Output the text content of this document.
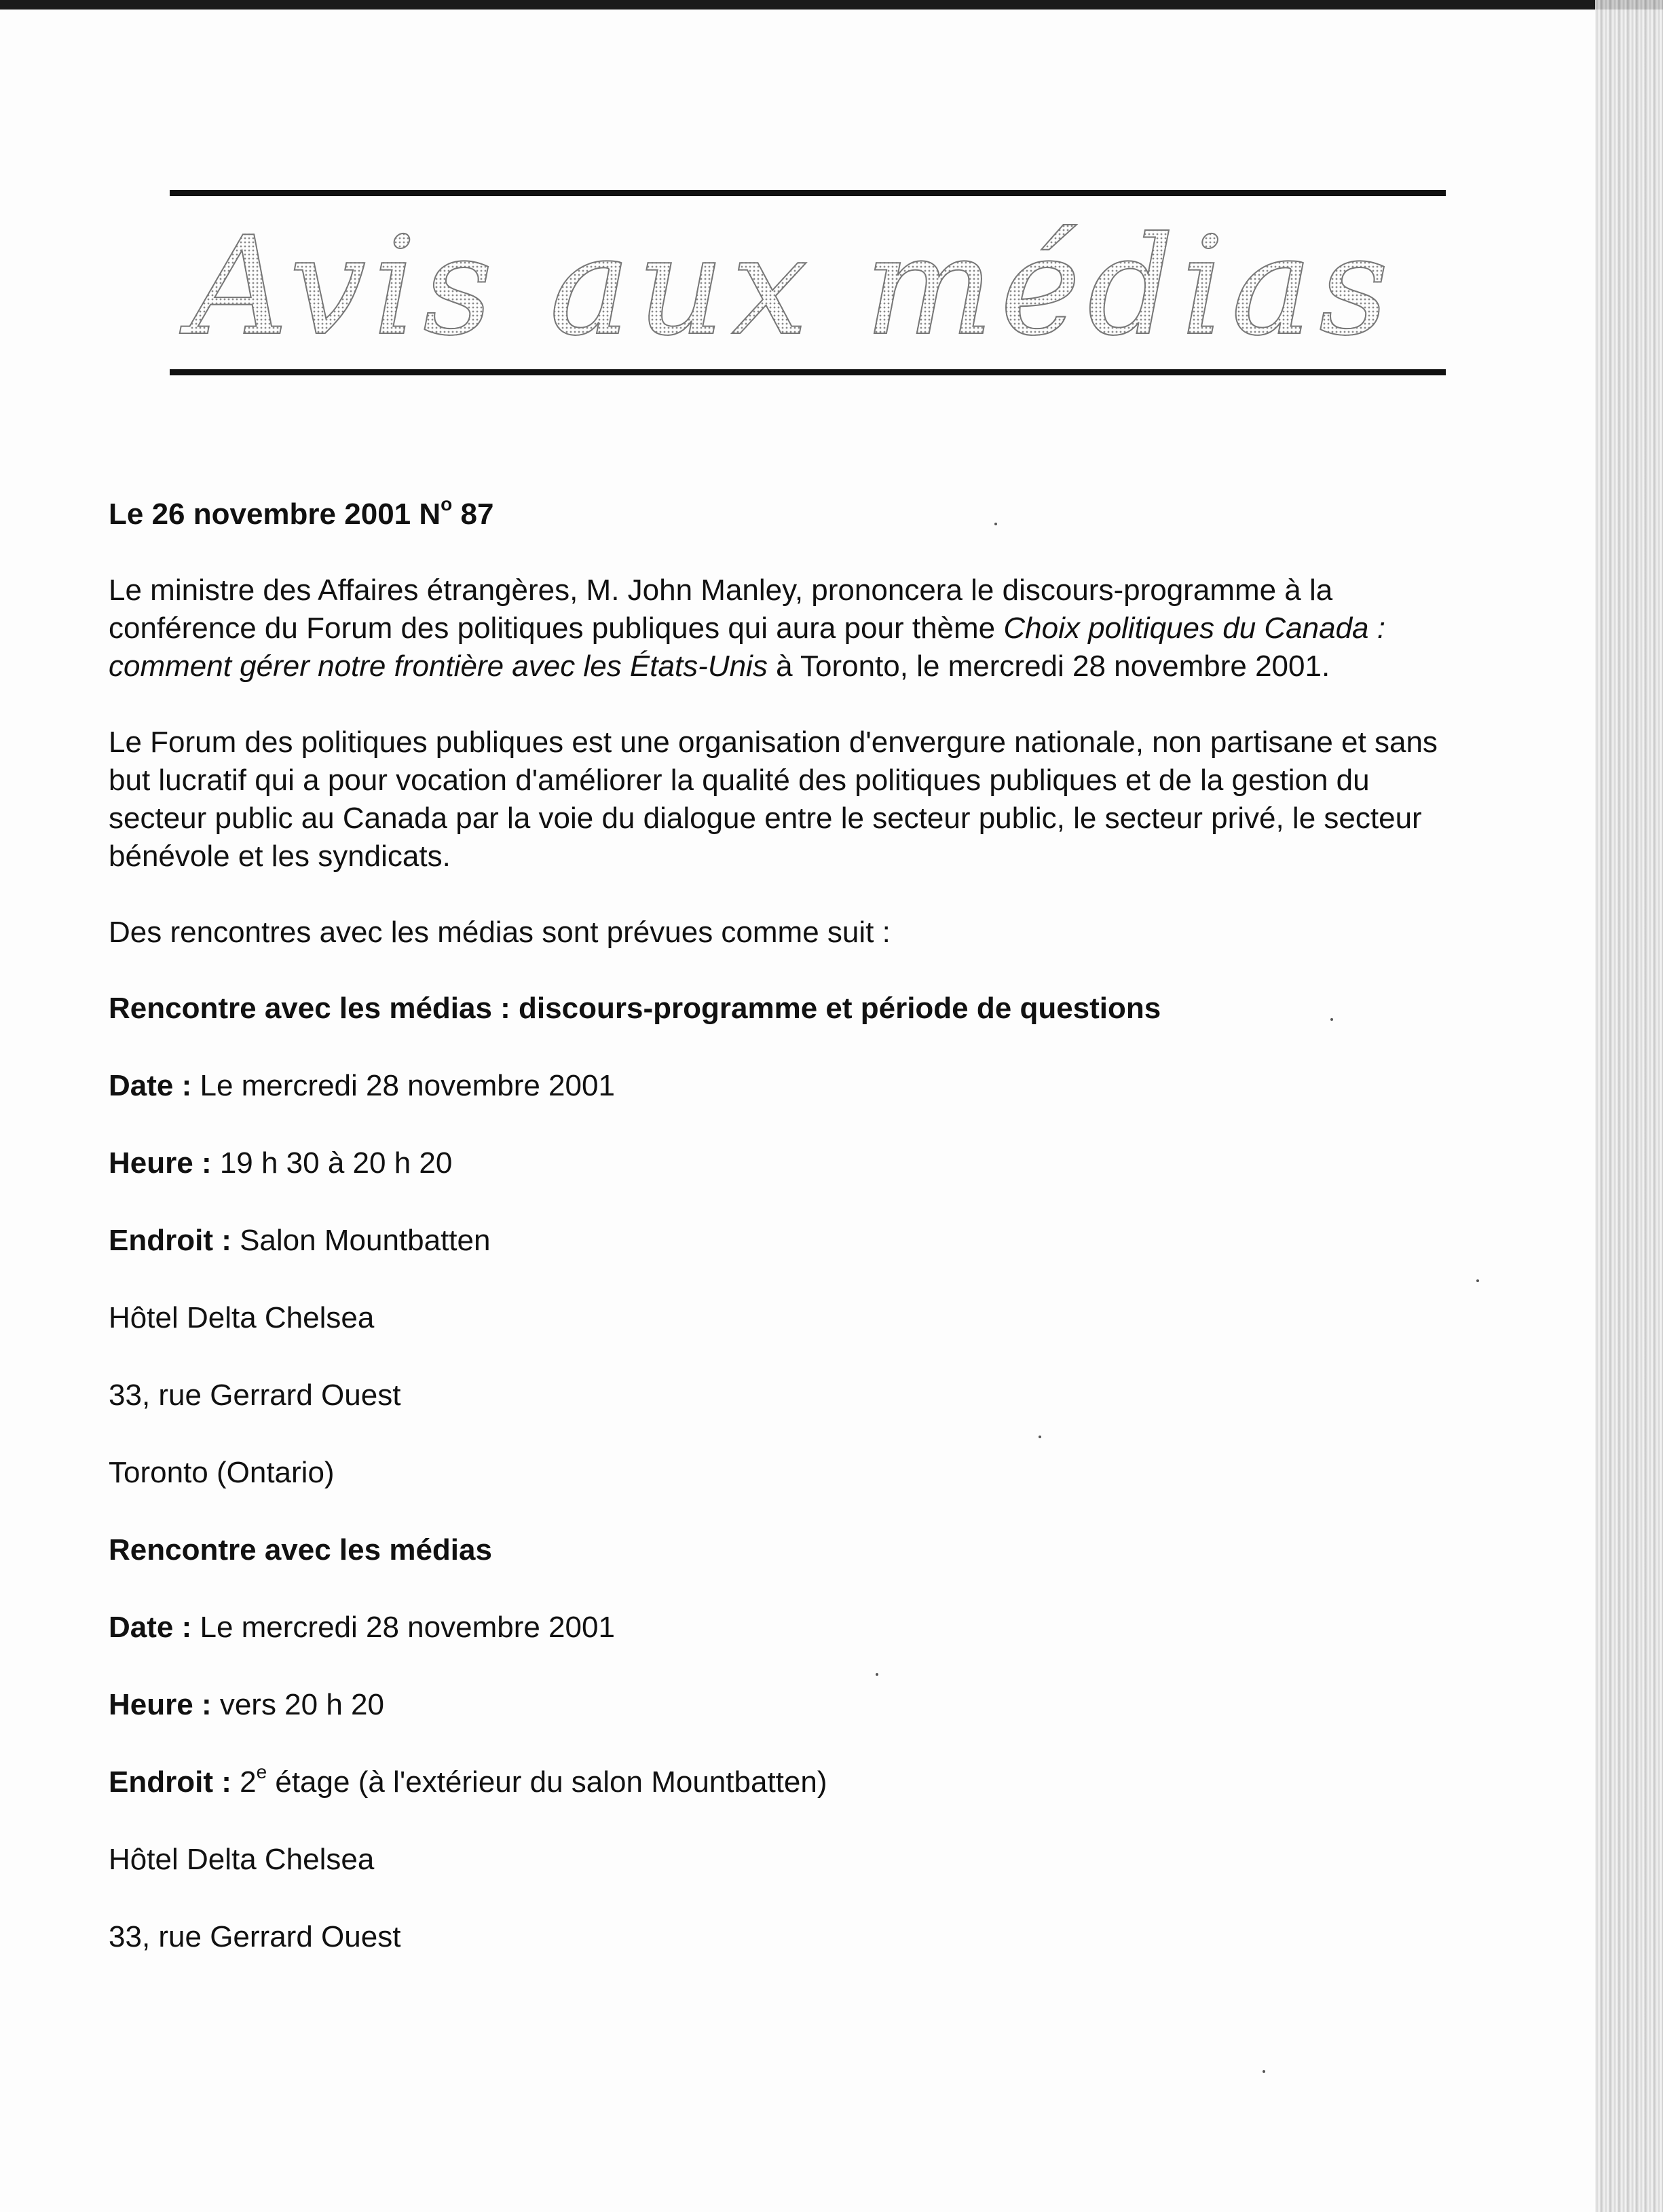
Avis aux médias
Le 26 novembre 2001 $N^o$ 87

Le ministre des Affaires étrangères, M. John Manley, prononcera le discours-programme à la conférence du Forum des politiques publiques qui aura pour thème Choix politiques du Canada : comment gérer notre frontière avec les États-Unis à Toronto, le mercredi 28 novembre 2001.

Le Forum des politiques publiques est une organisation d'envergure nationale, non partisane et sans but lucratif qui a pour vocation d'améliorer la qualité des politiques publiques et de la gestion du secteur public au Canada par la voie du dialogue entre le secteur public, le secteur privé, le secteur bénévole et les syndicats.

Des rencontres avec les médias sont prévues comme suit :

Rencontre avec les médias : discours-programme et période de questions
Date : Le mercredi 28 novembre 2001
Heure : 19 h 30 à 20 h 20
Endroit : Salon Mountbatten
Hôtel Delta Chelsea
33, rue Gerrard Ouest
Toronto (Ontario)
Rencontre avec les médias
Date : Le mercredi 28 novembre 2001
Heure : vers 20 h 20
Endroit : 2e étage (à l'extérieur du salon Mountbatten)
Hôtel Delta Chelsea
33, rue Gerrard Ouest
